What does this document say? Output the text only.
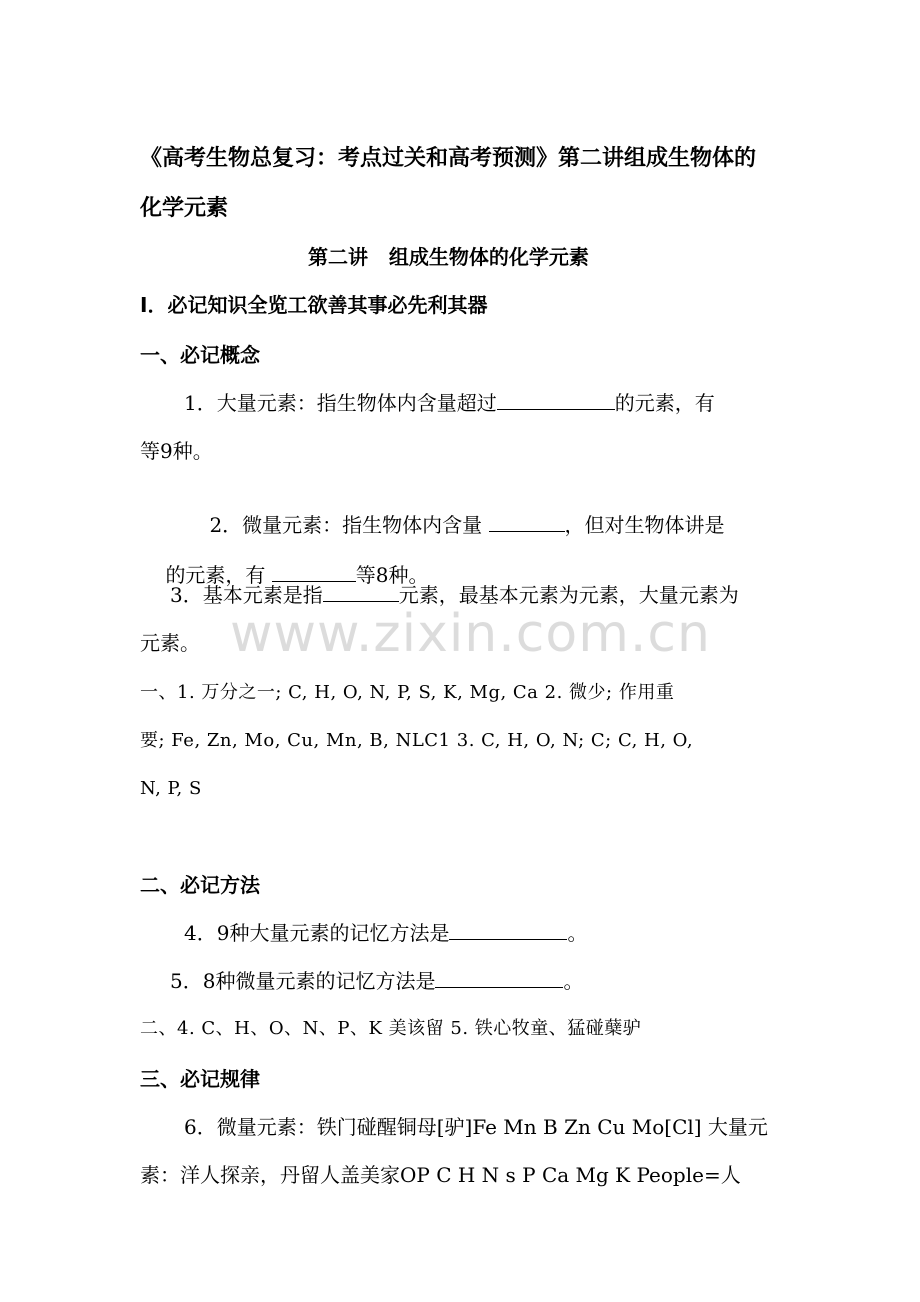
《高考生物总复习：考点过关和高考预测》第二讲组成生物体的
化学元素
第二讲   组成生物体的化学元素
I．必记知识全览工欲善其事必先利其器
一、必记概念
1．大量元素：指生物体内含量超过	的元素，有
等9种。

2．微量元素：指生物体内含量	，但对生物体讲是

的元素，有	等8种。

3．基本元素是指	元素，最基本元素为元素，大量元素为
元素。
一、1. 万分之一; C, H, O, N, P, S, K, Mg, Ca 2. 微少; 作用重
要; Fe, Zn, Mo, Cu, Mn, B, NLC1 3. C, H, O, N; C; C, H, O,
N, P, S
二、必记方法
4．9种大量元素的记忆方法是	。
5．8种微量元素的记忆方法是	。
二、4. C、H、O、N、P、K 美该留 5. 铁心牧童、猛碰蘖驴
三、必记规律
6．微量元素：铁门碰醒铜母[驴]Fe Mn B Zn Cu Mo[Cl] 大量元
素：洋人探亲，丹留人盖美家OP C H N s P Ca Mg K People=人
www.zixin.com.cn
